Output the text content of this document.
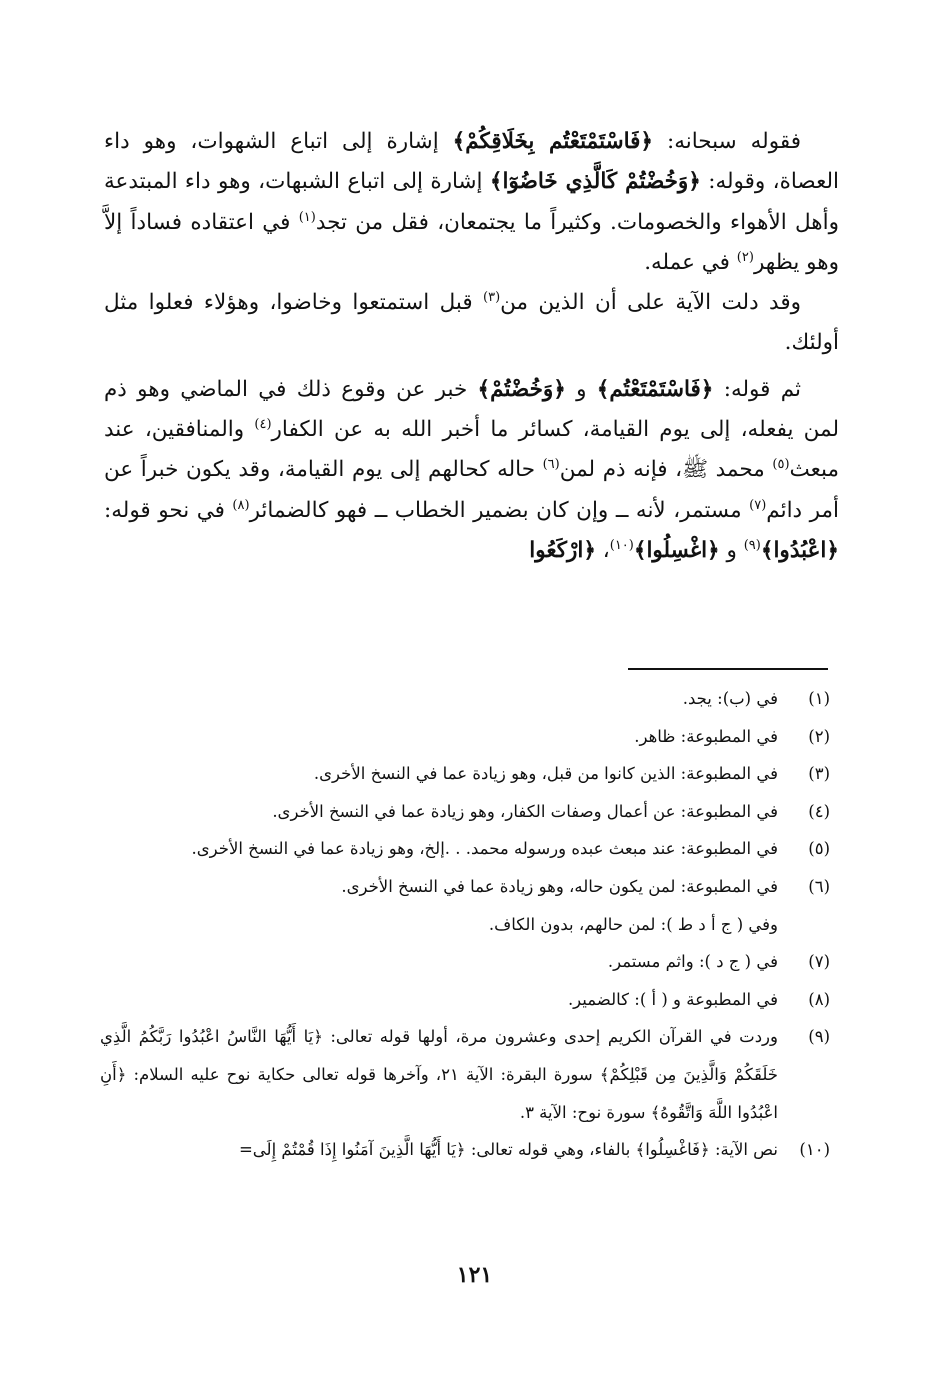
فقوله سبحانه: ﴿فَاسْتَمْتَعْتُم بِخَلَاقِكُمْ﴾ إشارة إلى اتباع الشهوات، وهو داء العصاة، وقوله: ﴿وَخُضْتُمْ كَالَّذِي خَاضُوٓا﴾ إشارة إلى اتباع الشبهات، وهو داء المبتدعة وأهل الأهواء والخصومات. وكثيراً ما يجتمعان، فقل من تجد$^{(١)}$ في اعتقاده فساداً إلاَّ وهو يظهر$^{(٢)}$ في عمله.

وقد دلت الآية على أن الذين من$^{(٣)}$ قبل استمتعوا وخاضوا، وهؤلاء فعلوا مثل أولئك.

ثم قوله: ﴿فَاسْتَمْتَعْتُم﴾ و ﴿وَخُضْتُمْ﴾ خبر عن وقوع ذلك في الماضي وهو ذم لمن يفعله، إلى يوم القيامة، كسائر ما أخبر الله به عن الكفار$^{(٤)}$ والمنافقين، عند مبعث$^{(٥)}$ محمد ﷺ، فإنه ذم لمن$^{(٦)}$ حاله كحالهم إلى يوم القيامة، وقد يكون خبراً عن أمر دائم$^{(٧)}$ مستمر، لأنه ــ وإن كان بضمير الخطاب ــ فهو كالضمائر$^{(٨)}$ في نحو قوله: ﴿اعْبُدُوا﴾$^{(٩)}$ و ﴿اغْسِلُوا﴾$^{(١٠)}$، ﴿ارْكَعُوا

(١)
في (ب): يجد.
(٢)
في المطبوعة: ظاهر.
(٣)
في المطبوعة: الذين كانوا من قبل، وهو زيادة عما في النسخ الأخرى.
(٤)
في المطبوعة: عن أعمال وصفات الكفار، وهو زيادة عما في النسخ الأخرى.
(٥)
في المطبوعة: عند مبعث عبده ورسوله محمد. . .إلخ، وهو زيادة عما في النسخ الأخرى.
(٦)
في المطبوعة: لمن يكون حاله، وهو زيادة عما في النسخ الأخرى.
وفي ( ج أ د ط ): لمن حالهم، بدون الكاف.
(٧)
في ( ج د ): واثم مستمر.
(٨)
في المطبوعة و ( أ ): كالضمير.
(٩)
وردت في القرآن الكريم إحدى وعشرون مرة، أولها قوله تعالى: ﴿يَا أَيُّهَا النَّاسُ اعْبُدُوا رَبَّكُمُ الَّذِي خَلَقَكُمْ وَالَّذِينَ مِن قَبْلِكُمْ﴾ سورة البقرة: الآية ٢١، وآخرها قوله تعالى حكاية نوح عليه السلام: ﴿أَنِ اعْبُدُوا اللَّهَ وَاتَّقُوهُ﴾ سورة نوح: الآية ٣.
(١٠)
نص الآية: ﴿فَاغْسِلُوا﴾ بالفاء، وهي قوله تعالى: ﴿يَا أَيُّهَا الَّذِينَ آمَنُوا إِذَا قُمْتُمْ إِلَى=
١٢١
